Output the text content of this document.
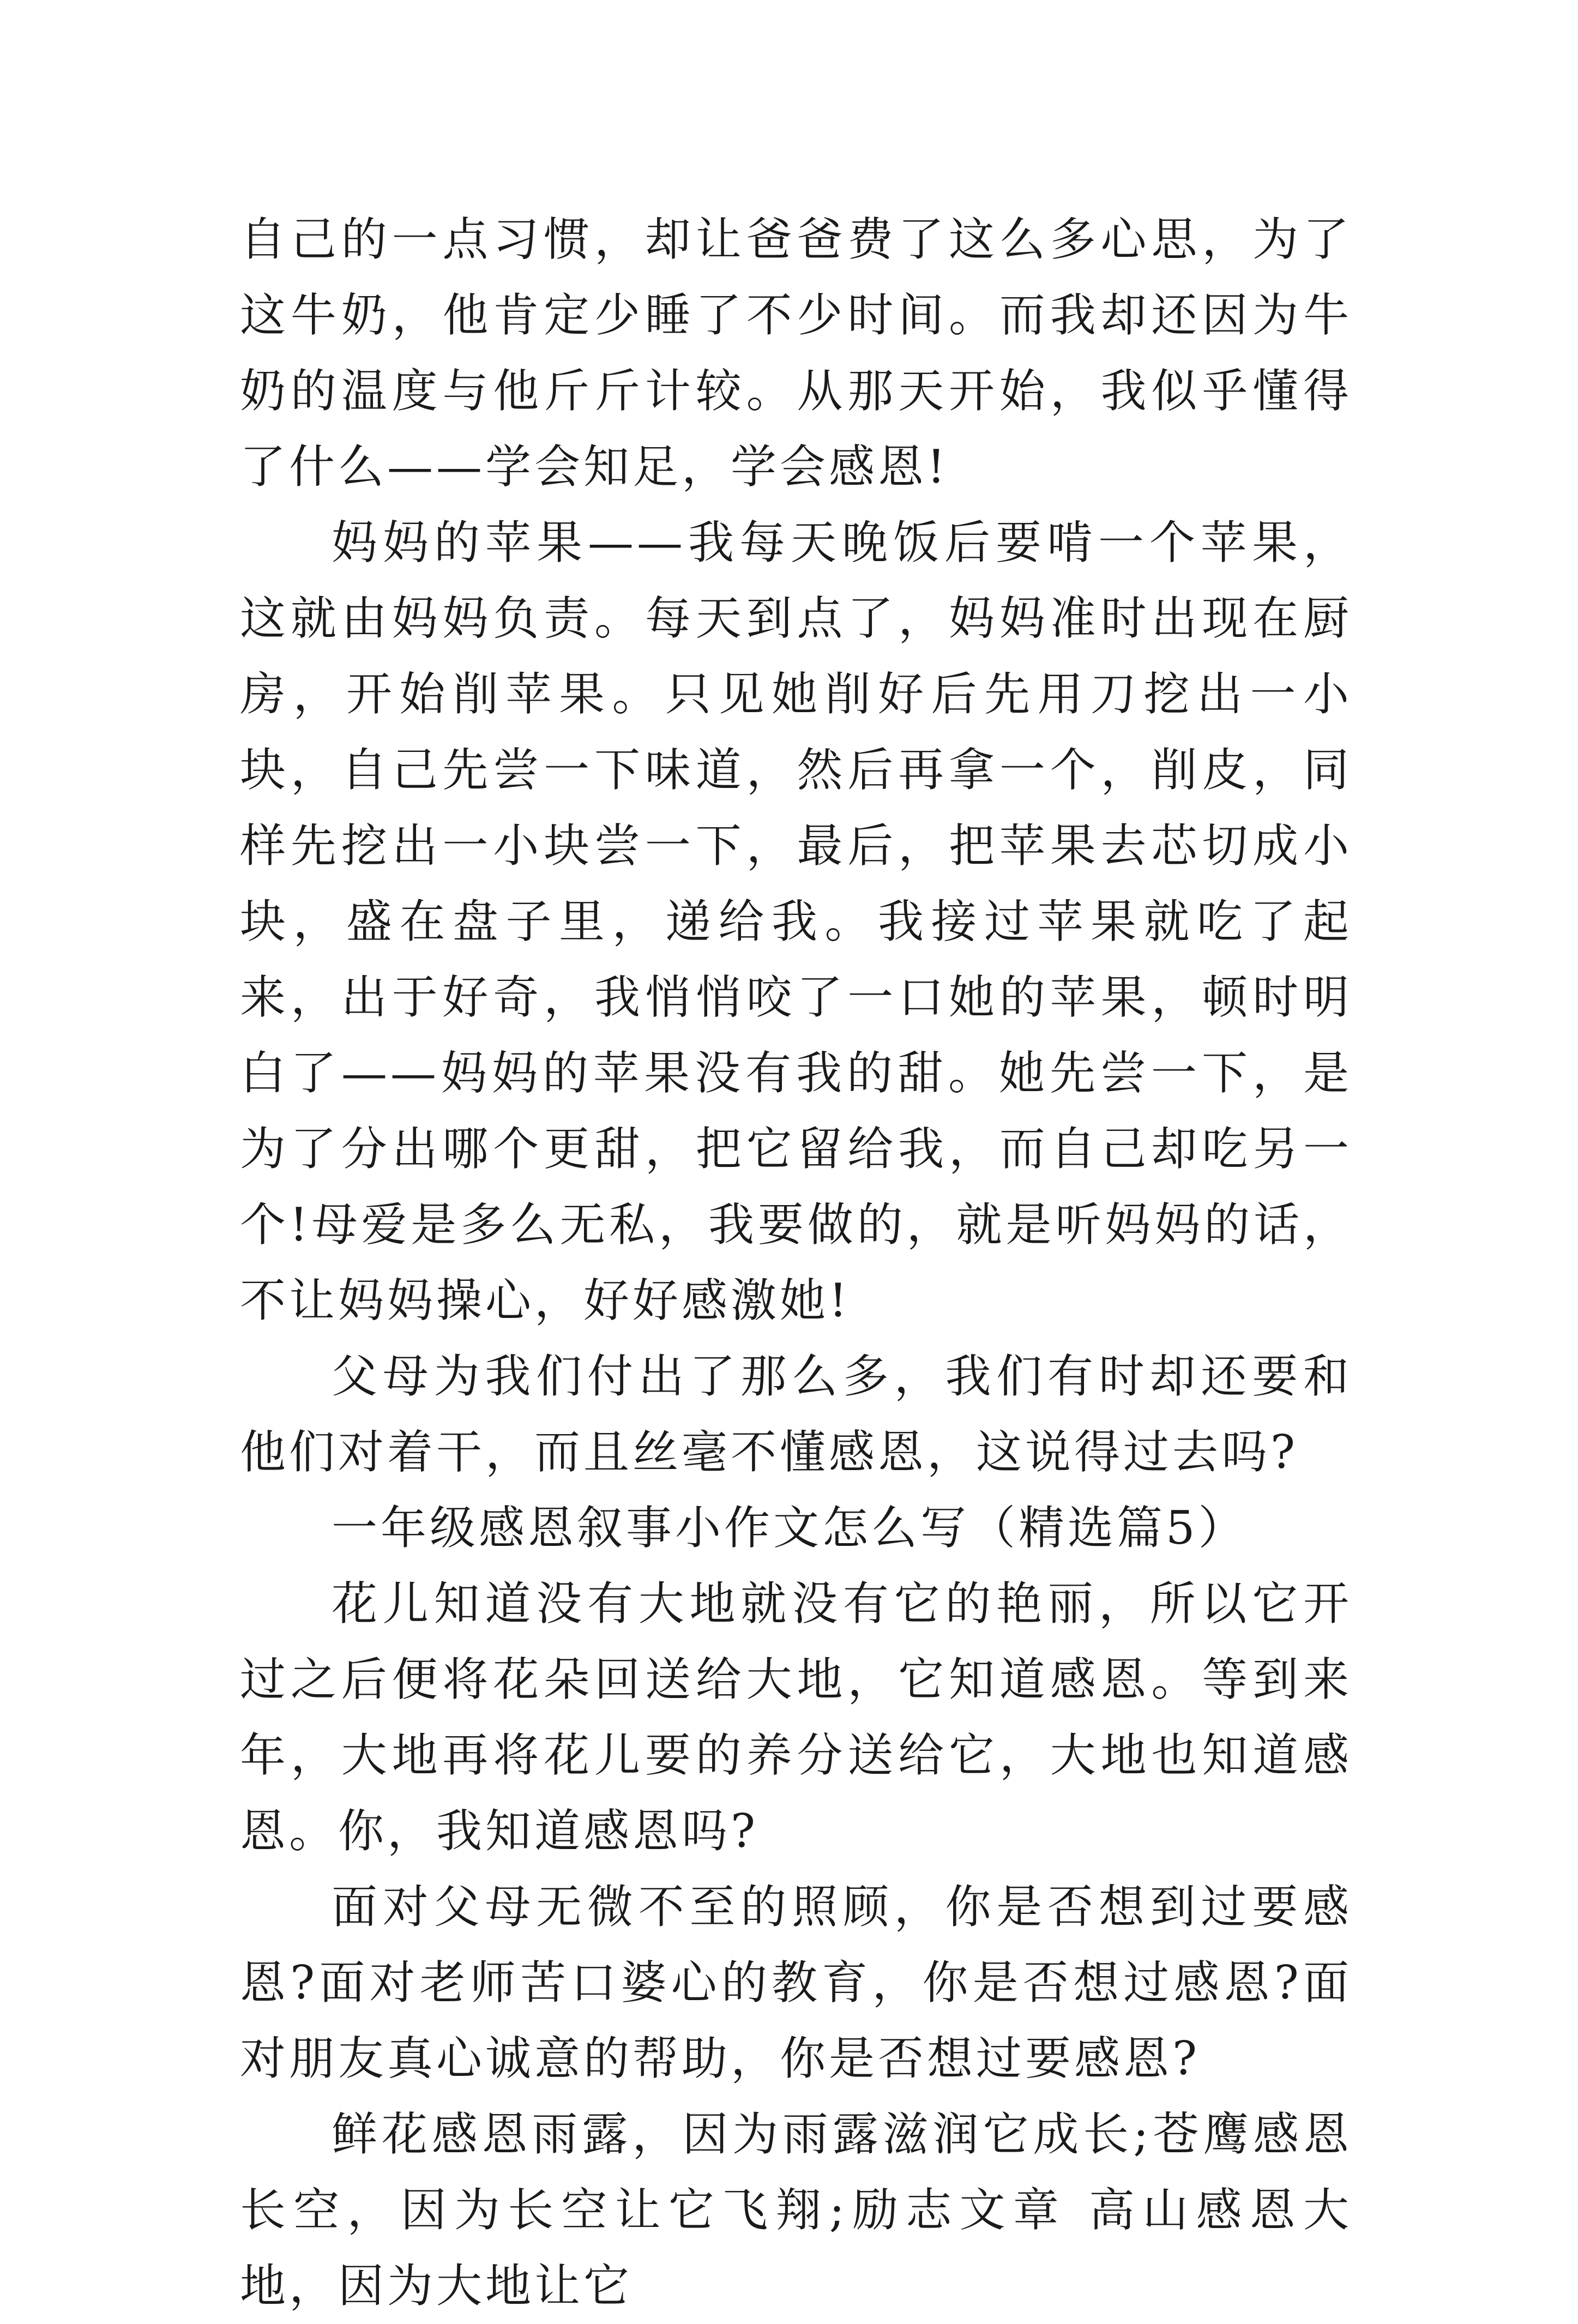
自己的一点习惯，却让爸爸费了这么多心思，为了这牛奶，他肯定少睡了不少时间。而我却还因为牛奶的温度与他斤斤计较。从那天开始，我似乎懂得了什么——学会知足，学会感恩!

妈妈的苹果——我每天晚饭后要啃一个苹果，这就由妈妈负责。每天到点了，妈妈准时出现在厨房，开始削苹果。只见她削好后先用刀挖出一小块，自己先尝一下味道，然后再拿一个，削皮，同样先挖出一小块尝一下，最后，把苹果去芯切成小块，盛在盘子里，递给我。我接过苹果就吃了起来，出于好奇，我悄悄咬了一口她的苹果，顿时明白了——妈妈的苹果没有我的甜。她先尝一下，是为了分出哪个更甜，把它留给我，而自己却吃另一个!母爱是多么无私，我要做的，就是听妈妈的话，不让妈妈操心，好好感激她!

父母为我们付出了那么多，我们有时却还要和他们对着干，而且丝毫不懂感恩，这说得过去吗?

一年级感恩叙事小作文怎么写（精选篇5）

花儿知道没有大地就没有它的艳丽，所以它开过之后便将花朵回送给大地，它知道感恩。等到来年，大地再将花儿要的养分送给它，大地也知道感恩。你，我知道感恩吗?

面对父母无微不至的照顾，你是否想到过要感恩?面对老师苦口婆心的教育，你是否想过感恩?面对朋友真心诚意的帮助，你是否想过要感恩?

鲜花感恩雨露，因为雨露滋润它成长;苍鹰感恩长空，因为长空让它飞翔;励志文章 高山感恩大地，因为大地让它
